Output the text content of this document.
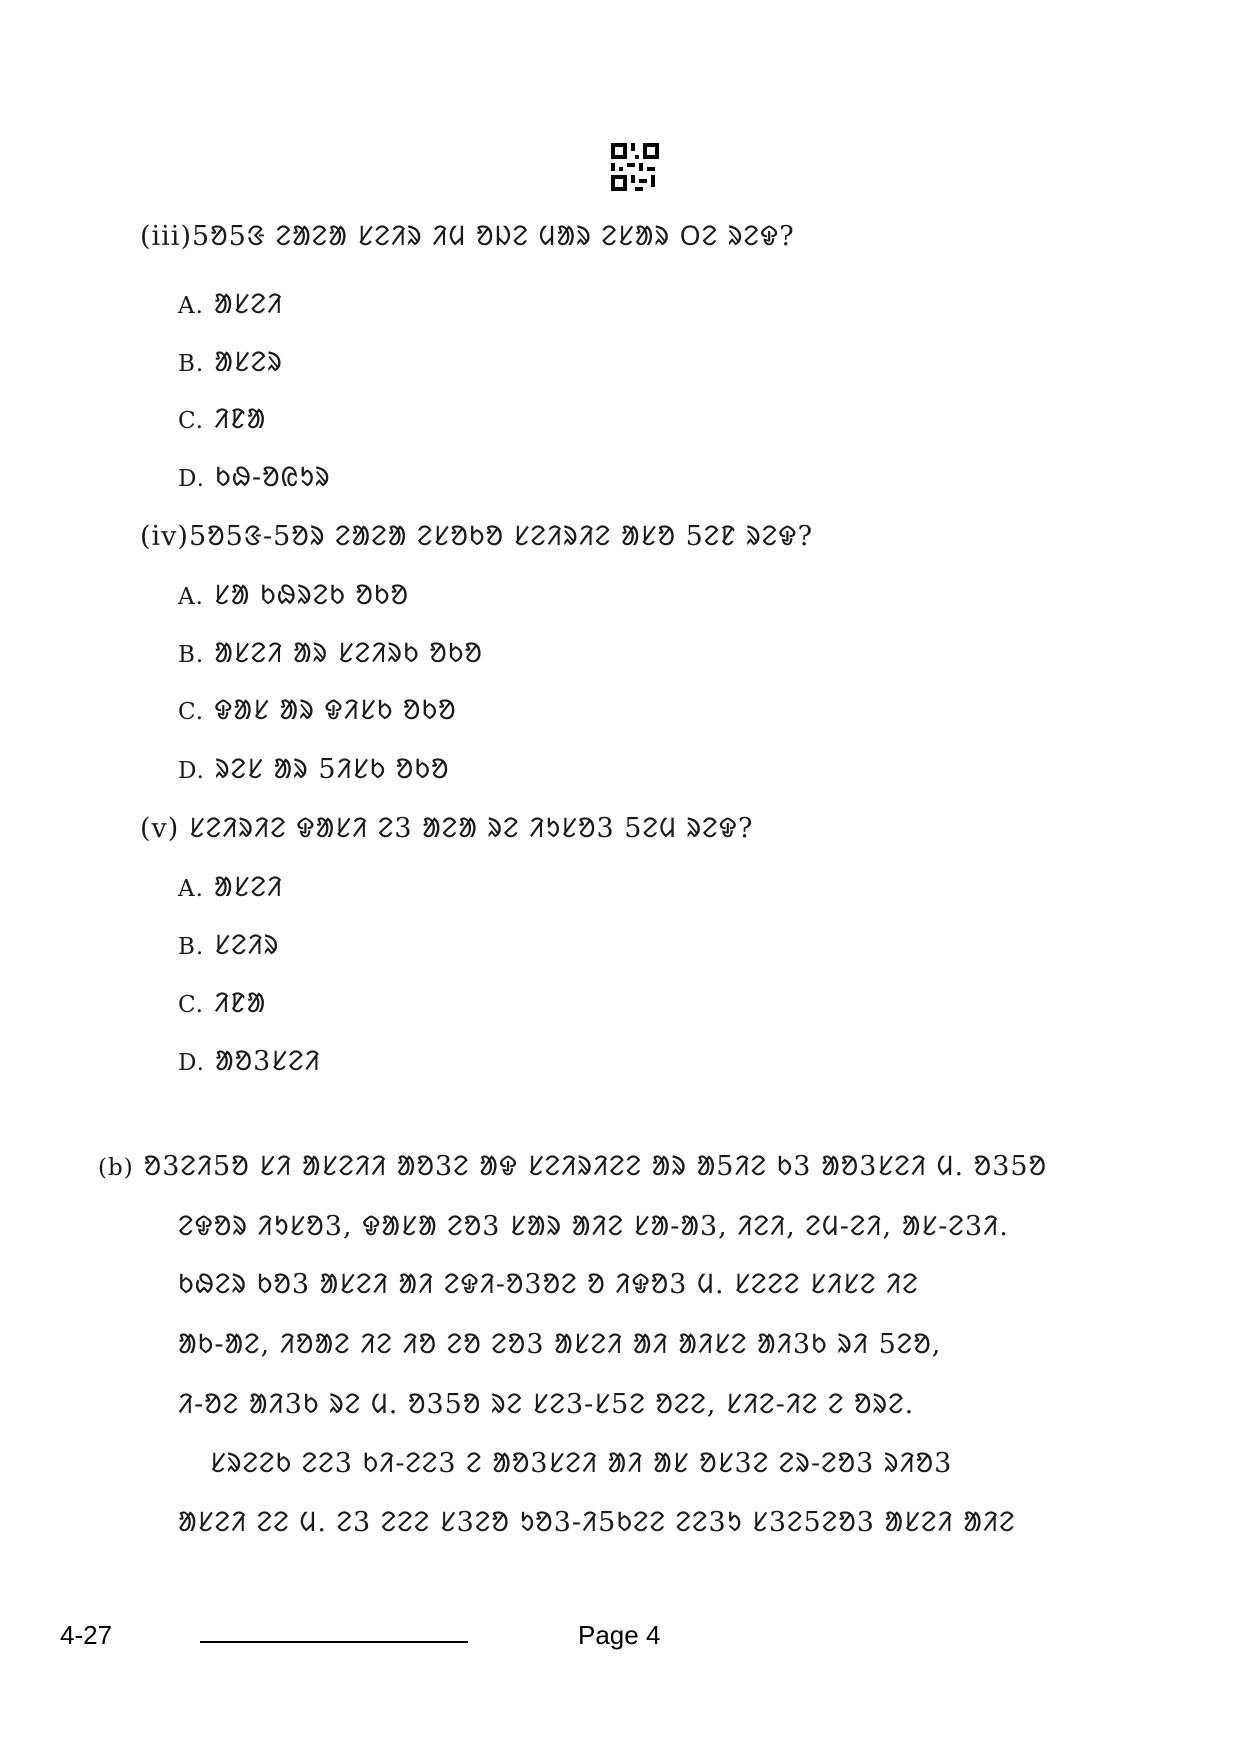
(iii)5ᱚ5ᱝ ᱮᱟᱮᱟ ᱥᱮᱤᱨ ᱤᱢ ᱚᱡᱮ ᱢᱟᱨ ᱮᱥᱟᱨ ᱛᱮ ᱨᱮᱫ?
A. ᱟᱥᱮᱤ
B. ᱟᱥᱮᱨ
C. ᱤᱱᱟ
D. ᱠᱷ-ᱚᱭᱩᱨ
(iv)5ᱚ5ᱝ-5ᱚᱨ ᱮᱟᱮᱟ ᱮᱥᱚᱠᱚ ᱥᱮᱤᱨᱤᱮ ᱟᱥᱚ 5ᱮᱱ ᱨᱮᱫ?
A. ᱥᱟ ᱠᱷᱨᱮᱠ ᱚᱠᱚ
B. ᱟᱥᱮᱤ ᱟᱨ ᱥᱮᱤᱨᱠ ᱚᱠᱚ
C. ᱫᱟᱥ ᱟᱨ ᱫᱤᱥᱠ ᱚᱠᱚ
D. ᱨᱮᱥ ᱟᱨ 5ᱤᱥᱠ ᱚᱠᱚ
(v) ᱥᱮᱤᱨᱤᱮ ᱫᱟᱥᱤ ᱮ3 ᱟᱮᱟ ᱨᱮ ᱤᱩᱥᱚ3 5ᱮᱢ ᱨᱮᱫ?
A. ᱟᱥᱮᱤ
B. ᱥᱮᱤᱨ
C. ᱤᱱᱟ
D. ᱟᱚ3ᱥᱮᱤ
(b) ᱚ3ᱮᱤ5ᱚ ᱥᱤ ᱟᱥᱮᱤᱤ ᱟᱚ3ᱮ ᱟᱫ ᱥᱮᱤᱨᱤᱮᱮ ᱟᱨ ᱟ5ᱤᱮ ᱠ3 ᱟᱚ3ᱥᱮᱤ ᱢ. ᱚ35ᱚ
ᱮᱫᱚᱨ ᱤᱩᱥᱚ3, ᱫᱟᱥᱟ ᱮᱚ3 ᱥᱟᱨ ᱟᱤᱮ ᱥᱟ-ᱟ3, ᱤᱮᱤ, ᱮᱢ-ᱮᱤ, ᱟᱥ-ᱮ3ᱤ.
ᱠᱷᱮᱨ ᱠᱚ3 ᱟᱥᱮᱤ ᱟᱤ ᱮᱫᱤ-ᱚ3ᱚᱮ ᱚ ᱤᱫᱚ3 ᱢ. ᱥᱮᱮᱮ ᱥᱤᱥᱮ ᱤᱮ
ᱟᱠ-ᱟᱮ, ᱤᱚᱟᱮ ᱤᱮ ᱤᱚ ᱮᱚ ᱮᱚ3 ᱟᱥᱮᱤ ᱟᱤ ᱟᱤᱥᱮ ᱟᱤ3ᱠ ᱨᱤ 5ᱮᱚ,
ᱤ-ᱚᱮ ᱟᱤ3ᱠ ᱨᱮ ᱢ. ᱚ35ᱚ ᱨᱮ ᱥᱮ3-ᱥ5ᱮ ᱚᱮᱮ, ᱥᱤᱮ-ᱤᱮ ᱮ ᱚᱨᱮ.
ᱥᱨᱮᱮᱠ ᱮᱮ3 ᱠᱤ-ᱮᱮ3 ᱮ ᱟᱚ3ᱥᱮᱤ ᱟᱤ ᱟᱥ ᱚᱥ3ᱮ ᱮᱨ-ᱮᱚ3 ᱨᱤᱚ3
ᱟᱥᱮᱤ ᱮᱮ ᱢ. ᱮ3 ᱮᱮᱮ ᱥ3ᱮᱚ ᱩᱚ3-ᱤ5ᱠᱮᱮ ᱮᱮ3ᱩ ᱥ3ᱮ5ᱮᱚ3 ᱟᱥᱮᱤ ᱟᱤᱮ
4-27	Page 4
